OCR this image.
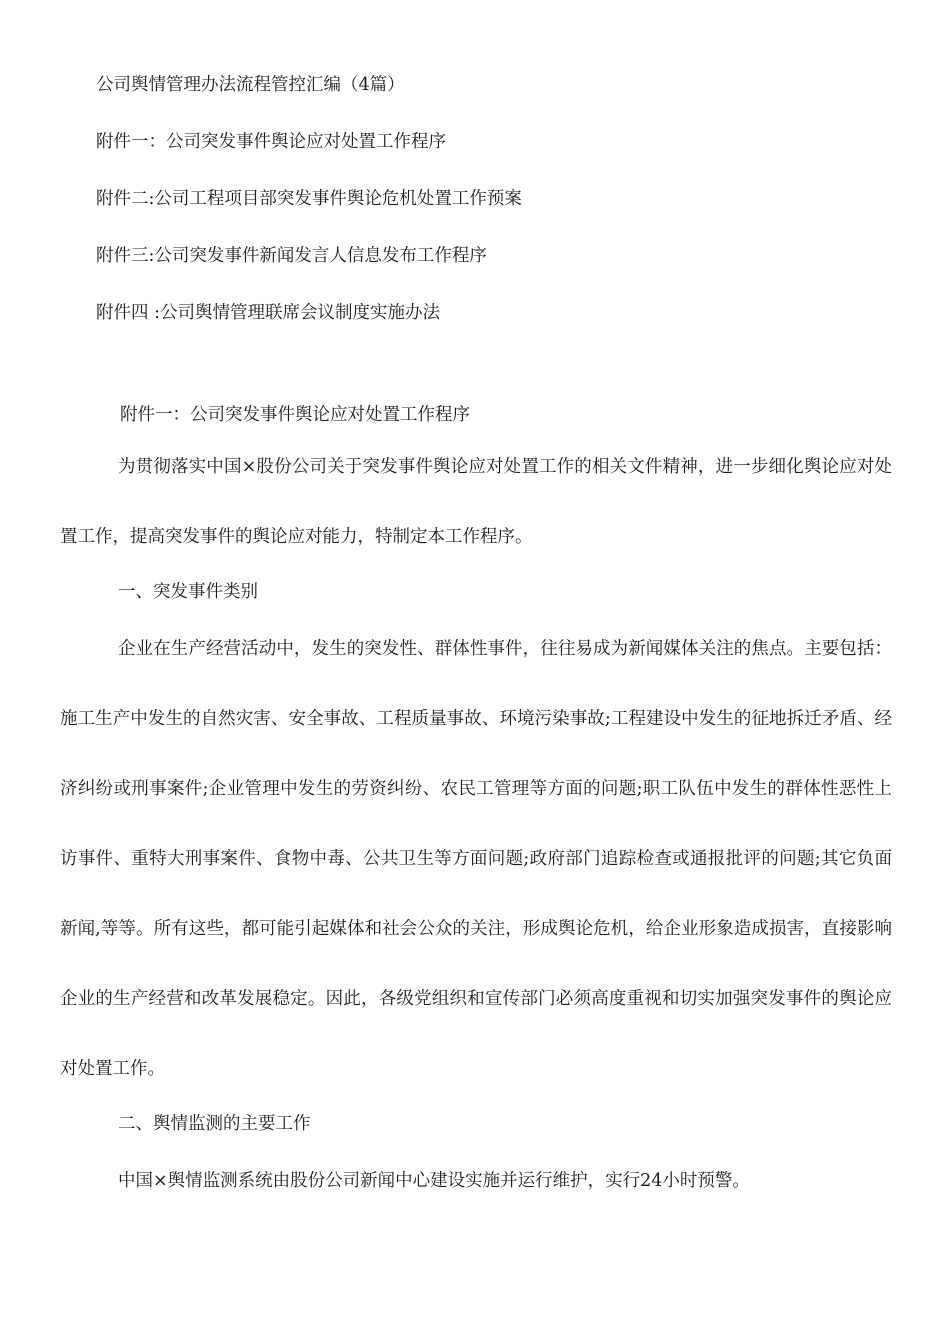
公司舆情管理办法流程管控汇编（4篇）
附件一：公司突发事件舆论应对处置工作程序
附件二:公司工程项目部突发事件舆论危机处置工作预案
附件三:公司突发事件新闻发言人信息发布工作程序
附件四 :公司舆情管理联席会议制度实施办法
附件一：公司突发事件舆论应对处置工作程序

为贯彻落实中国×股份公司关于突发事件舆论应对处置工作的相关文件精神，进一步细化舆论应对处置工作，提高突发事件的舆论应对能力，特制定本工作程序。

一、突发事件类别

企业在生产经营活动中，发生的突发性、群体性事件，往往易成为新闻媒体关注的焦点。主要包括：施工生产中发生的自然灾害、安全事故、工程质量事故、环境污染事故;工程建设中发生的征地拆迁矛盾、经济纠纷或刑事案件;企业管理中发生的劳资纠纷、农民工管理等方面的问题;职工队伍中发生的群体性恶性上访事件、重特大刑事案件、食物中毒、公共卫生等方面问题;政府部门追踪检查或通报批评的问题;其它负面新闻,等等。所有这些，都可能引起媒体和社会公众的关注，形成舆论危机，给企业形象造成损害，直接影响企业的生产经营和改革发展稳定。因此，各级党组织和宣传部门必须高度重视和切实加强突发事件的舆论应对处置工作。

二、舆情监测的主要工作
中国×舆情监测系统由股份公司新闻中心建设实施并运行维护，实行24小时预警。
